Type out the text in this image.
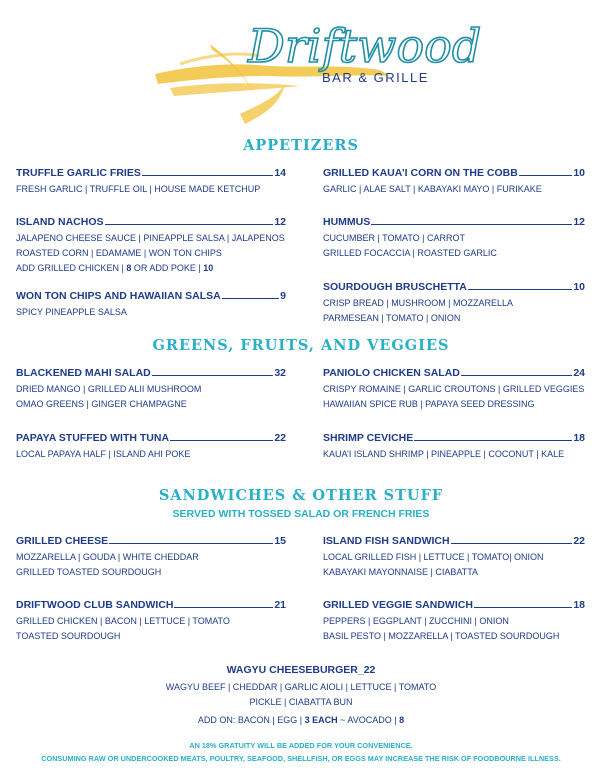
Driftwood
BAR & GRILLE
APPETIZERS
TRUFFLE GARLIC FRIES	14
FRESH GARLIC | TRUFFLE OIL | HOUSE MADE KETCHUP
GRILLED KAUA’I CORN ON THE COBB	10
GARLIC | ALAE SALT | KABAYAKI MAYO | FURIKAKE
ISLAND NACHOS	12
JALAPENO CHEESE SAUCE | PINEAPPLE SALSA | JALAPENOS
ROASTED CORN | EDAMAME | WON TON CHIPS
ADD GRILLED CHICKEN | 8 OR ADD POKE | 10
HUMMUS	12
CUCUMBER | TOMATO | CARROT
GRILLED FOCACCIA | ROASTED GARLIC
WON TON CHIPS AND HAWAIIAN SALSA	9
SPICY PINEAPPLE SALSA
SOURDOUGH BRUSCHETTA	10
CRISP BREAD | MUSHROOM | MOZZARELLA
PARMESEAN | TOMATO | ONION
GREENS, FRUITS, AND VEGGIES
BLACKENED MAHI SALAD	32
DRIED MANGO | GRILLED ALII MUSHROOM
OMAO GREENS | GINGER CHAMPAGNE
PANIOLO CHICKEN SALAD	24
CRISPY ROMAINE | GARLIC CROUTONS | GRILLED VEGGIES
HAWAIIAN SPICE RUB | PAPAYA SEED DRESSING
PAPAYA STUFFED WITH TUNA	22
LOCAL PAPAYA HALF | ISLAND AHI POKE
SHRIMP CEVICHE	18
KAUA’I ISLAND SHRIMP | PINEAPPLE | COCONUT | KALE
SANDWICHES & OTHER STUFF
SERVED WITH TOSSED SALAD OR FRENCH FRIES
GRILLED CHEESE	15
MOZZARELLA | GOUDA | WHITE CHEDDAR
GRILLED TOASTED SOURDOUGH
ISLAND FISH SANDWICH	22
LOCAL GRILLED FISH | LETTUCE | TOMATO| ONION
KABAYAKI MAYONNAISE | CIABATTA
DRIFTWOOD CLUB SANDWICH	21
GRILLED CHICKEN | BACON | LETTUCE | TOMATO
TOASTED SOURDOUGH
GRILLED VEGGIE SANDWICH	18
PEPPERS | EGGPLANT | ZUCCHINI | ONION
BASIL PESTO | MOZZARELLA | TOASTED SOURDOUGH
WAGYU CHEESEBURGER_22
WAGYU BEEF | CHEDDAR | GARLIC AIOLI | LETTUCE | TOMATO
PICKLE | CIABATTA BUN
ADD ON: BACON | EGG | 3 EACH ~ AVOCADO | 8
AN 18% GRATUITY WILL BE ADDED FOR YOUR CONVENIENCE.
CONSUMING RAW OR UNDERCOOKED MEATS, POULTRY, SEAFOOD, SHELLFISH, OR EGGS MAY INCREASE THE RISK OF FOODBOURNE ILLNESS.
